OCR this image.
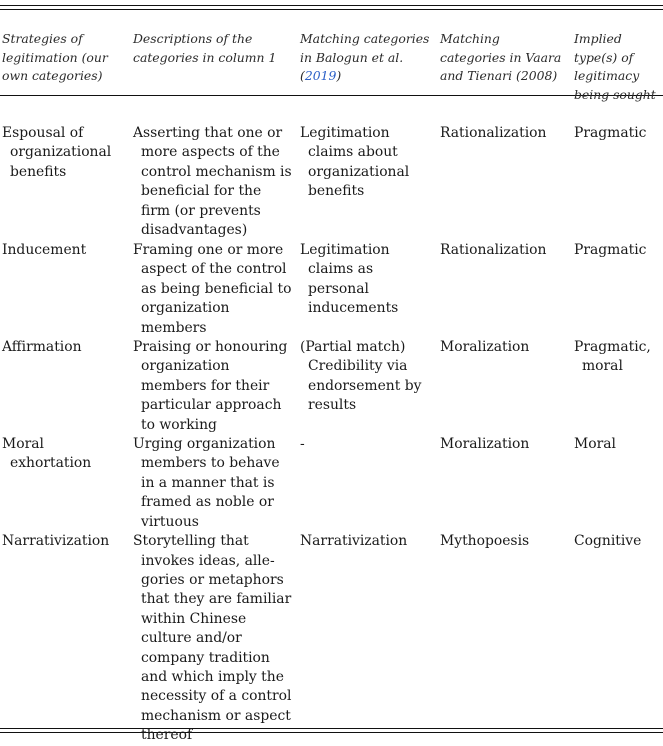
Strategies of legitimation (our own categories)	Descriptions of the categories in column 1	Matching categories in Balogun et al. (2019)	Matching categories in Vaara and Tienari (2008)	Implied type(s) of legitimacy being sought

Espousal of organizational benefits	Asserting that one or more aspects of the control mechanism is beneficial for the firm (or prevents disadvantages)	Legitimation claims about organizational benefits	Rationalization	Pragmatic

Inducement	Framing one or more aspect of the control as being beneficial to organization members	Legitimation claims as personal inducements	Rationalization	Pragmatic

Affirmation	Praising or honouring organization members for their particular approach to working	(Partial match) Credibility via endorsement by results	Moralization	Pragmatic, moral

Moral exhortation	Urging organization members to behave in a manner that is framed as noble or virtuous	-	Moralization	Moral

Narrativization	Storytelling that invokes ideas, allegories or metaphors that they are familiar within Chinese culture and/or company tradition and which imply the necessity of a control mechanism or aspect thereof	Narrativization	Mythopoesis	Cognitive
